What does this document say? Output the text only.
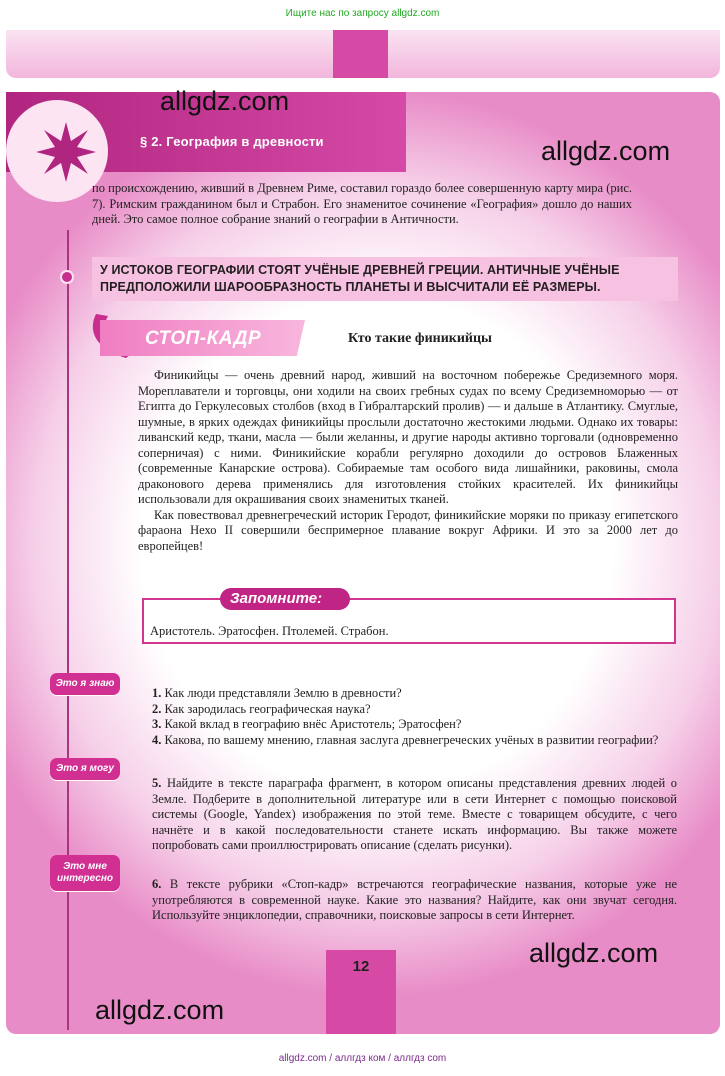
Ищите нас по запросу allgdz.com
§ 2. География в древности
по происхождению, живший в Древнем Риме, составил гораздо более совершенную карту мира (рис. 7). Римским гражданином был и Страбон. Его знаменитое сочинение «География» дошло до наших дней. Это самое полное собрание знаний о географии в Античности.
У ИСТОКОВ ГЕОГРАФИИ СТОЯТ УЧЁНЫЕ ДРЕВНЕЙ ГРЕЦИИ. АНТИЧНЫЕ УЧЁНЫЕ ПРЕДПОЛОЖИЛИ ШАРООБРАЗНОСТЬ ПЛАНЕТЫ И ВЫСЧИТАЛИ ЕЁ РАЗМЕРЫ.
СТОП-КАДР	Кто такие финикийцы

Финикийцы — очень древний народ, живший на восточном побережье Средиземного моря. Мореплаватели и торговцы, они ходили на своих гребных судах по всему Средиземноморью — от Египта до Геркулесовых столбов (вход в Гибралтарский пролив) — и дальше в Атлантику. Смуглые, шумные, в ярких одеждах финикийцы прослыли достаточно жестокими людьми. Однако их товары: ливанский кедр, ткани, масла — были желанны, и другие народы активно торговали (одновременно соперничая) с ними. Финикийские корабли регулярно доходили до островов Блаженных (современные Канарские острова). Собираемые там особого вида лишайники, раковины, смола драконового дерева применялись для изготовления стойких красителей. Их финикийцы использовали для окрашивания своих знаменитых тканей.

Как повествовал древнегреческий историк Геродот, финикийские моряки по приказу египетского фараона Нехо II совершили беспримерное плавание вокруг Африки. И это за 2000 лет до европейцев!

Запомните:
Аристотель. Эратосфен. Птолемей. Страбон.
Это я знаю
Это я могу
Это мне
интересно
1. Как люди представляли Землю в древности?
2. Как зародилась географическая наука?
3. Какой вклад в географию внёс Аристотель; Эратосфен?
4. Какова, по вашему мнению, главная заслуга древнегреческих учёных в развитии географии?
5. Найдите в тексте параграфа фрагмент, в котором описаны представления древних людей о Земле. Подберите в дополнительной литературе или в сети Интернет с помощью поисковой системы (Google, Yandex) изображения по этой теме. Вместе с товарищем обсудите, с чего начнёте и в какой последовательности станете искать информацию. Вы также можете попробовать сами проиллюстрировать описание (сделать рисунки).
6. В тексте рубрики «Стоп-кадр» встречаются географические названия, которые уже не употребляются в современной науке. Какие это названия? Найдите, как они звучат сегодня. Используйте энциклопедии, справочники, поисковые запросы в сети Интернет.
12
allgdz.com
allgdz.com
allgdz.com
allgdz.com
allgdz.com / аллгдз ком / аллгдз com
